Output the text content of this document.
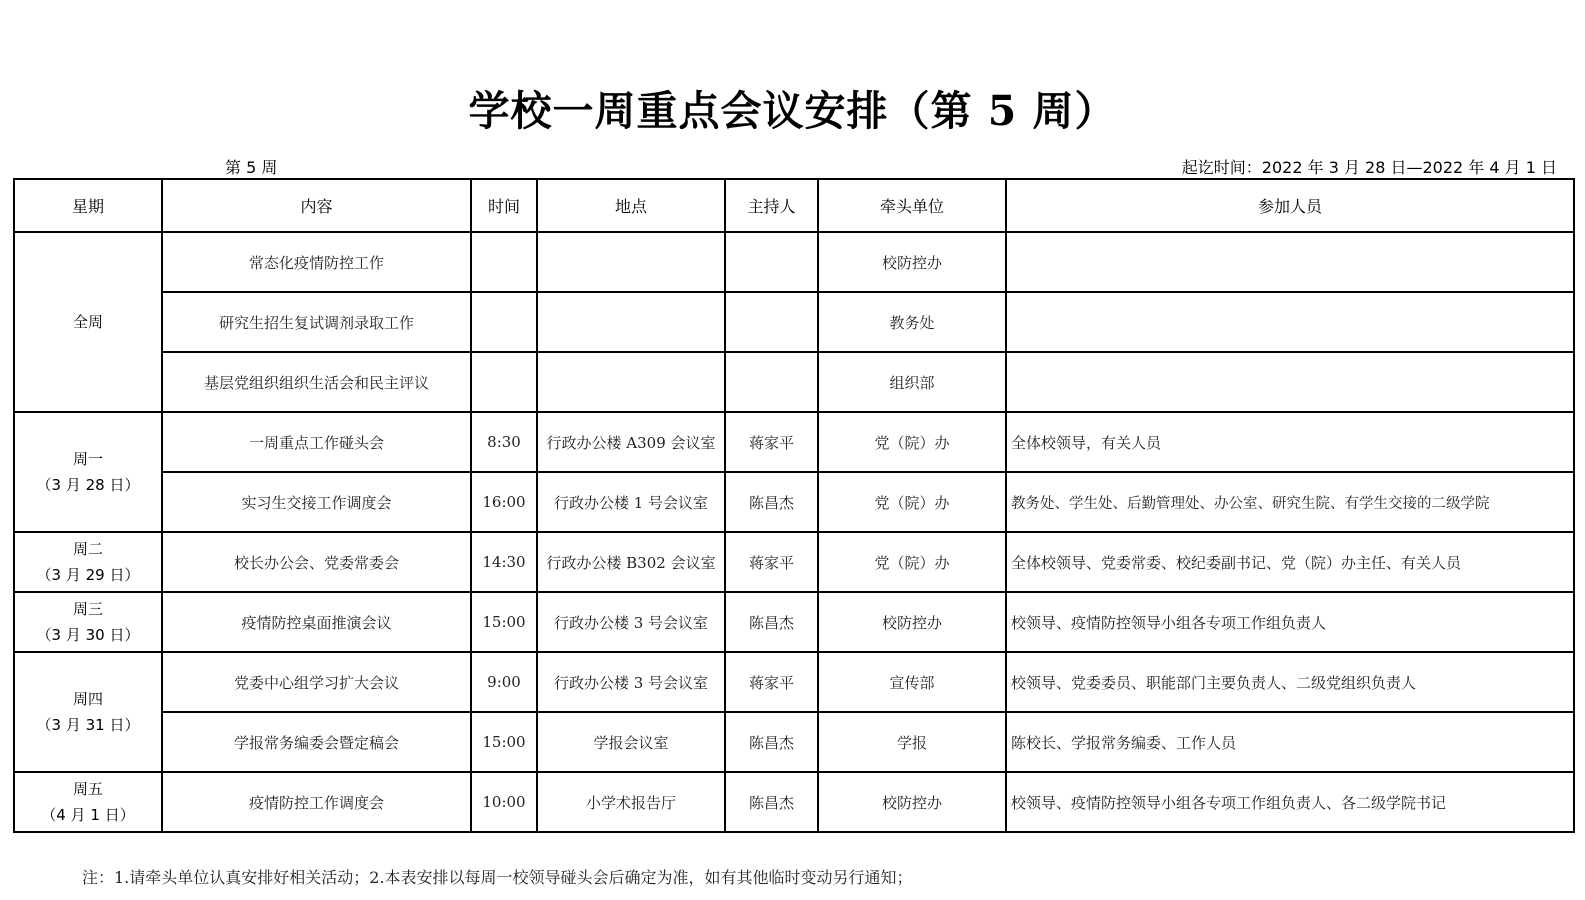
学校一周重点会议安排（第 5 周）
第 5 周	起讫时间：2022 年 3 月 28 日—2022 年 4 月 1 日
星期	内容	时间	地点	主持人	牵头单位	参加人员

全周	常态化疫情防控工作				校防控办	
	研究生招生复试调剂录取工作				教务处	
	基层党组织组织生活会和民主评议				组织部	

周一
（3 月 28 日）	一周重点工作碰头会	8:30	行政办公楼 A309 会议室	蒋家平	党（院）办	全体校领导，有关人员
	实习生交接工作调度会	16:00	行政办公楼 1 号会议室	陈昌杰	党（院）办	教务处、学生处、后勤管理处、办公室、研究生院、有学生交接的二级学院

周二
（3 月 29 日）	校长办公会、党委常委会	14:30	行政办公楼 B302 会议室	蒋家平	党（院）办	全体校领导、党委常委、校纪委副书记、党（院）办主任、有关人员

周三
（3 月 30 日）	疫情防控桌面推演会议	15:00	行政办公楼 3 号会议室	陈昌杰	校防控办	校领导、疫情防控领导小组各专项工作组负责人

周四
（3 月 31 日）	党委中心组学习扩大会议	9:00	行政办公楼 3 号会议室	蒋家平	宣传部	校领导、党委委员、职能部门主要负责人、二级党组织负责人
	学报常务编委会暨定稿会	15:00	学报会议室	陈昌杰	学报	陈校长、学报常务编委、工作人员

周五
（4 月 1 日）	疫情防控工作调度会	10:00	小学术报告厅	陈昌杰	校防控办	校领导、疫情防控领导小组各专项工作组负责人、各二级学院书记
注：1.请牵头单位认真安排好相关活动；2.本表安排以每周一校领导碰头会后确定为准，如有其他临时变动另行通知；
